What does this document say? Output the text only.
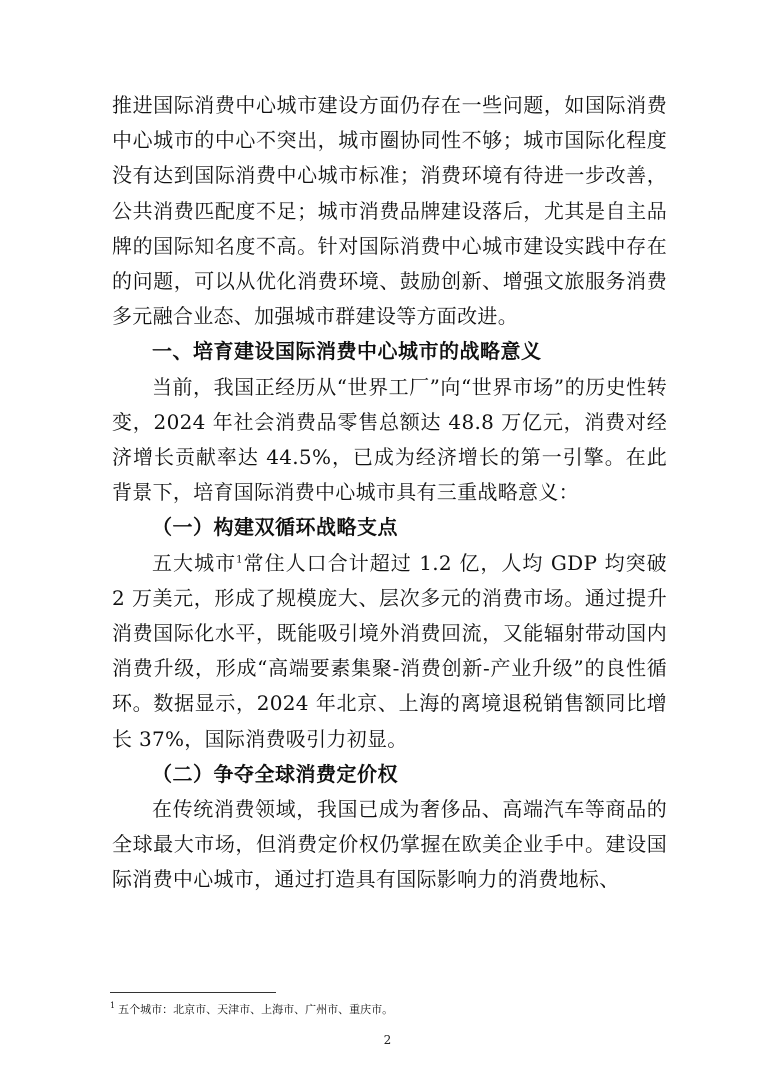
推进国际消费中心城市建设方面仍存在一些问题，如国际消费中心城市的中心不突出，城市圈协同性不够；城市国际化程度没有达到国际消费中心城市标准；消费环境有待进一步改善，公共消费匹配度不足；城市消费品牌建设落后，尤其是自主品牌的国际知名度不高。针对国际消费中心城市建设实践中存在的问题，可以从优化消费环境、鼓励创新、增强文旅服务消费多元融合业态、加强城市群建设等方面改进。

一、培育建设国际消费中心城市的战略意义

当前，我国正经历从“世界工厂”向“世界市场”的历史性转变，2024 年社会消费品零售总额达 48.8 万亿元，消费对经济增长贡献率达 44.5%，已成为经济增长的第一引擎。在此背景下，培育国际消费中心城市具有三重战略意义：

（一）构建双循环战略支点

五大城市$^1$常住人口合计超过 1.2 亿，人均 GDP 均突破 2 万美元，形成了规模庞大、层次多元的消费市场。通过提升消费国际化水平，既能吸引境外消费回流，又能辐射带动国内消费升级，形成“高端要素集聚-消费创新-产业升级”的良性循环。数据显示，2024 年北京、上海的离境退税销售额同比增长 37%，国际消费吸引力初显。

（二）争夺全球消费定价权

在传统消费领域，我国已成为奢侈品、高端汽车等商品的全球最大市场，但消费定价权仍掌握在欧美企业手中。建设国际消费中心城市，通过打造具有国际影响力的消费地标、

$^1$ 五个城市：北京市、天津市、上海市、广州市、重庆市。
2
